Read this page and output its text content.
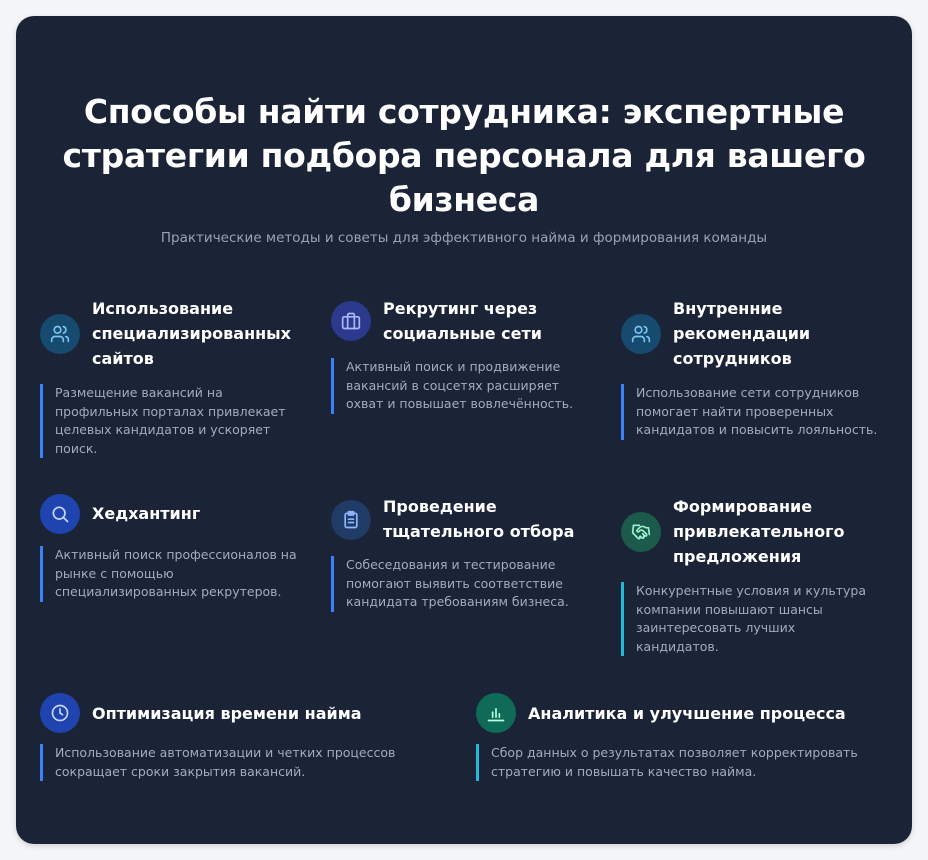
Способы найти сотрудника: экспертные стратегии подбора персонала для вашего бизнеса
Практические методы и советы для эффективного найма и формирования команды
Использование специализированных сайтов
Размещение вакансий на профильных порталах привлекает целевых кандидатов и ускоряет поиск.
Рекрутинг через социальные сети
Активный поиск и продвижение вакансий в соцсетях расширяет охват и повышает вовлечённость.
Внутренние рекомендации сотрудников
Использование сети сотрудников помогает найти проверенных кандидатов и повысить лояльность.
Хедхантинг
Активный поиск профессионалов на рынке с помощью специализированных рекрутеров.
Проведение тщательного отбора
Собеседования и тестирование помогают выявить соответствие кандидата требованиям бизнеса.
Формирование привлекательного предложения
Конкурентные условия и культура компании повышают шансы заинтересовать лучших кандидатов.
Оптимизация времени найма
Использование автоматизации и четких процессов сокращает сроки закрытия вакансий.
Аналитика и улучшение процесса
Сбор данных о результатах позволяет корректировать стратегию и повышать качество найма.
